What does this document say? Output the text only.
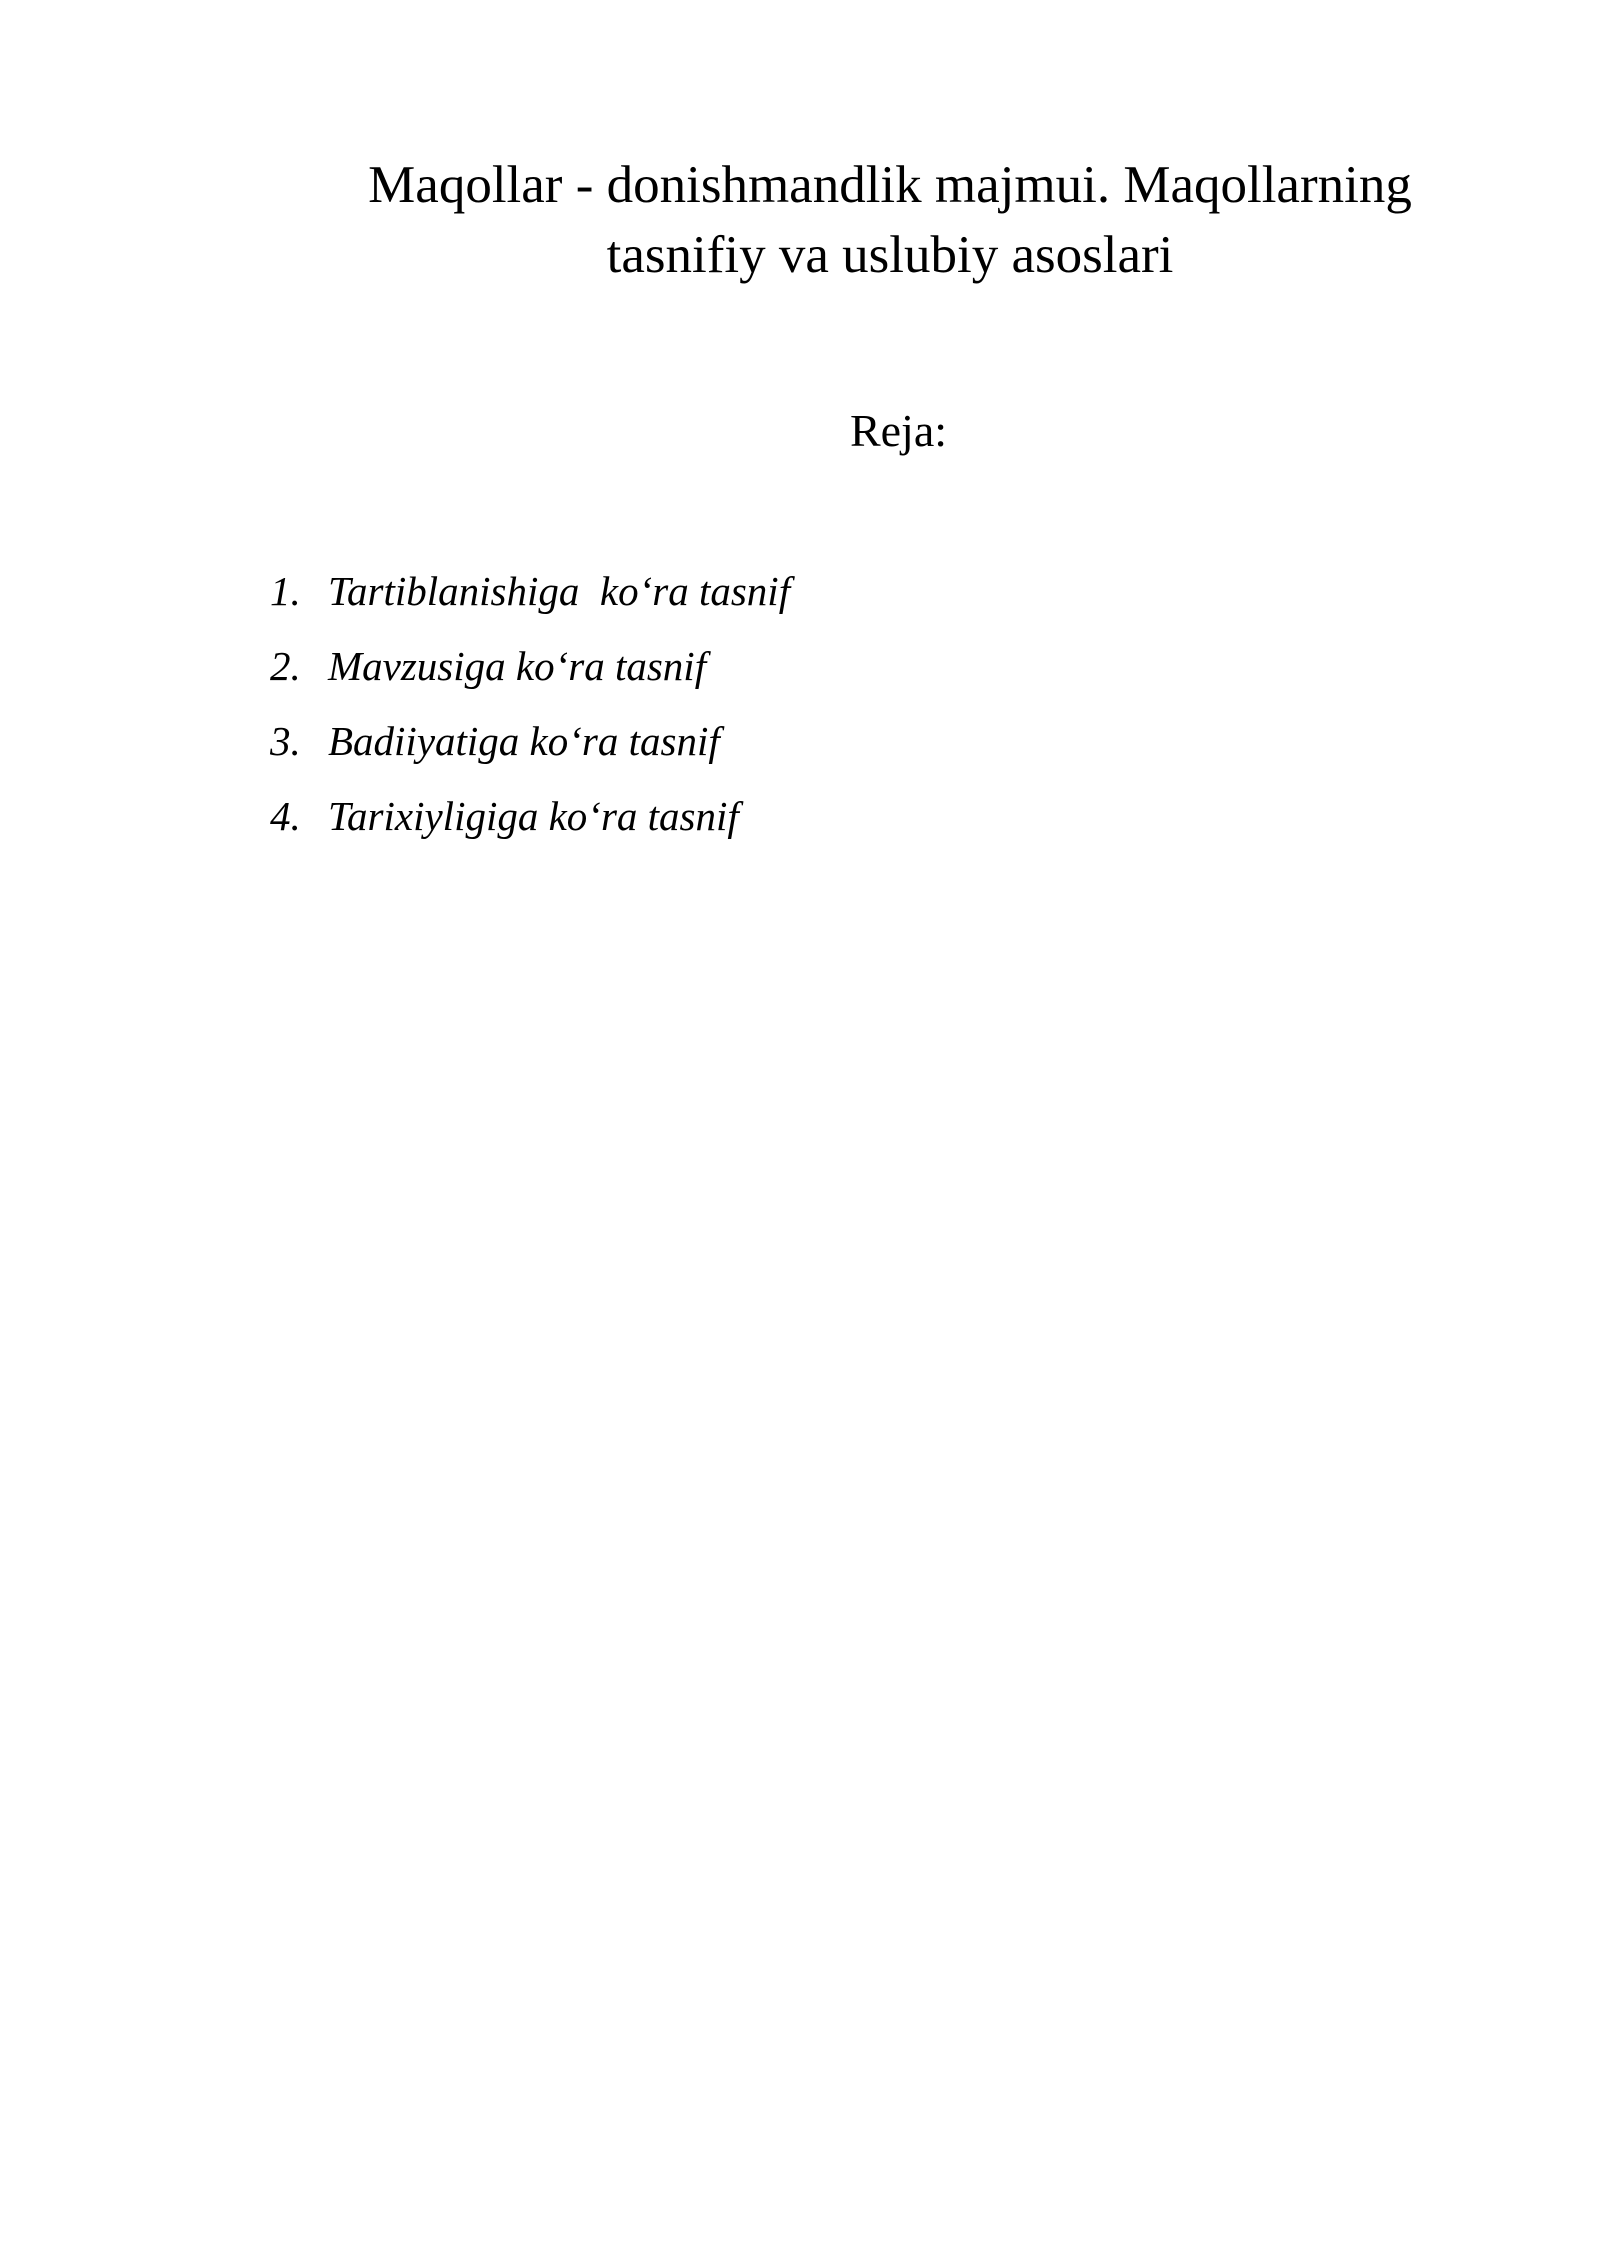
Maqollar - donishmandlik majmui. Maqollarning
tasnifiy va uslubiy asoslari
Reja:
1. Tartiblanishiga  ko‘ra tasnif
2. Mavzusiga ko‘ra tasnif
3. Badiiyatiga ko‘ra tasnif
4. Tarixiyligiga ko‘ra tasnif
